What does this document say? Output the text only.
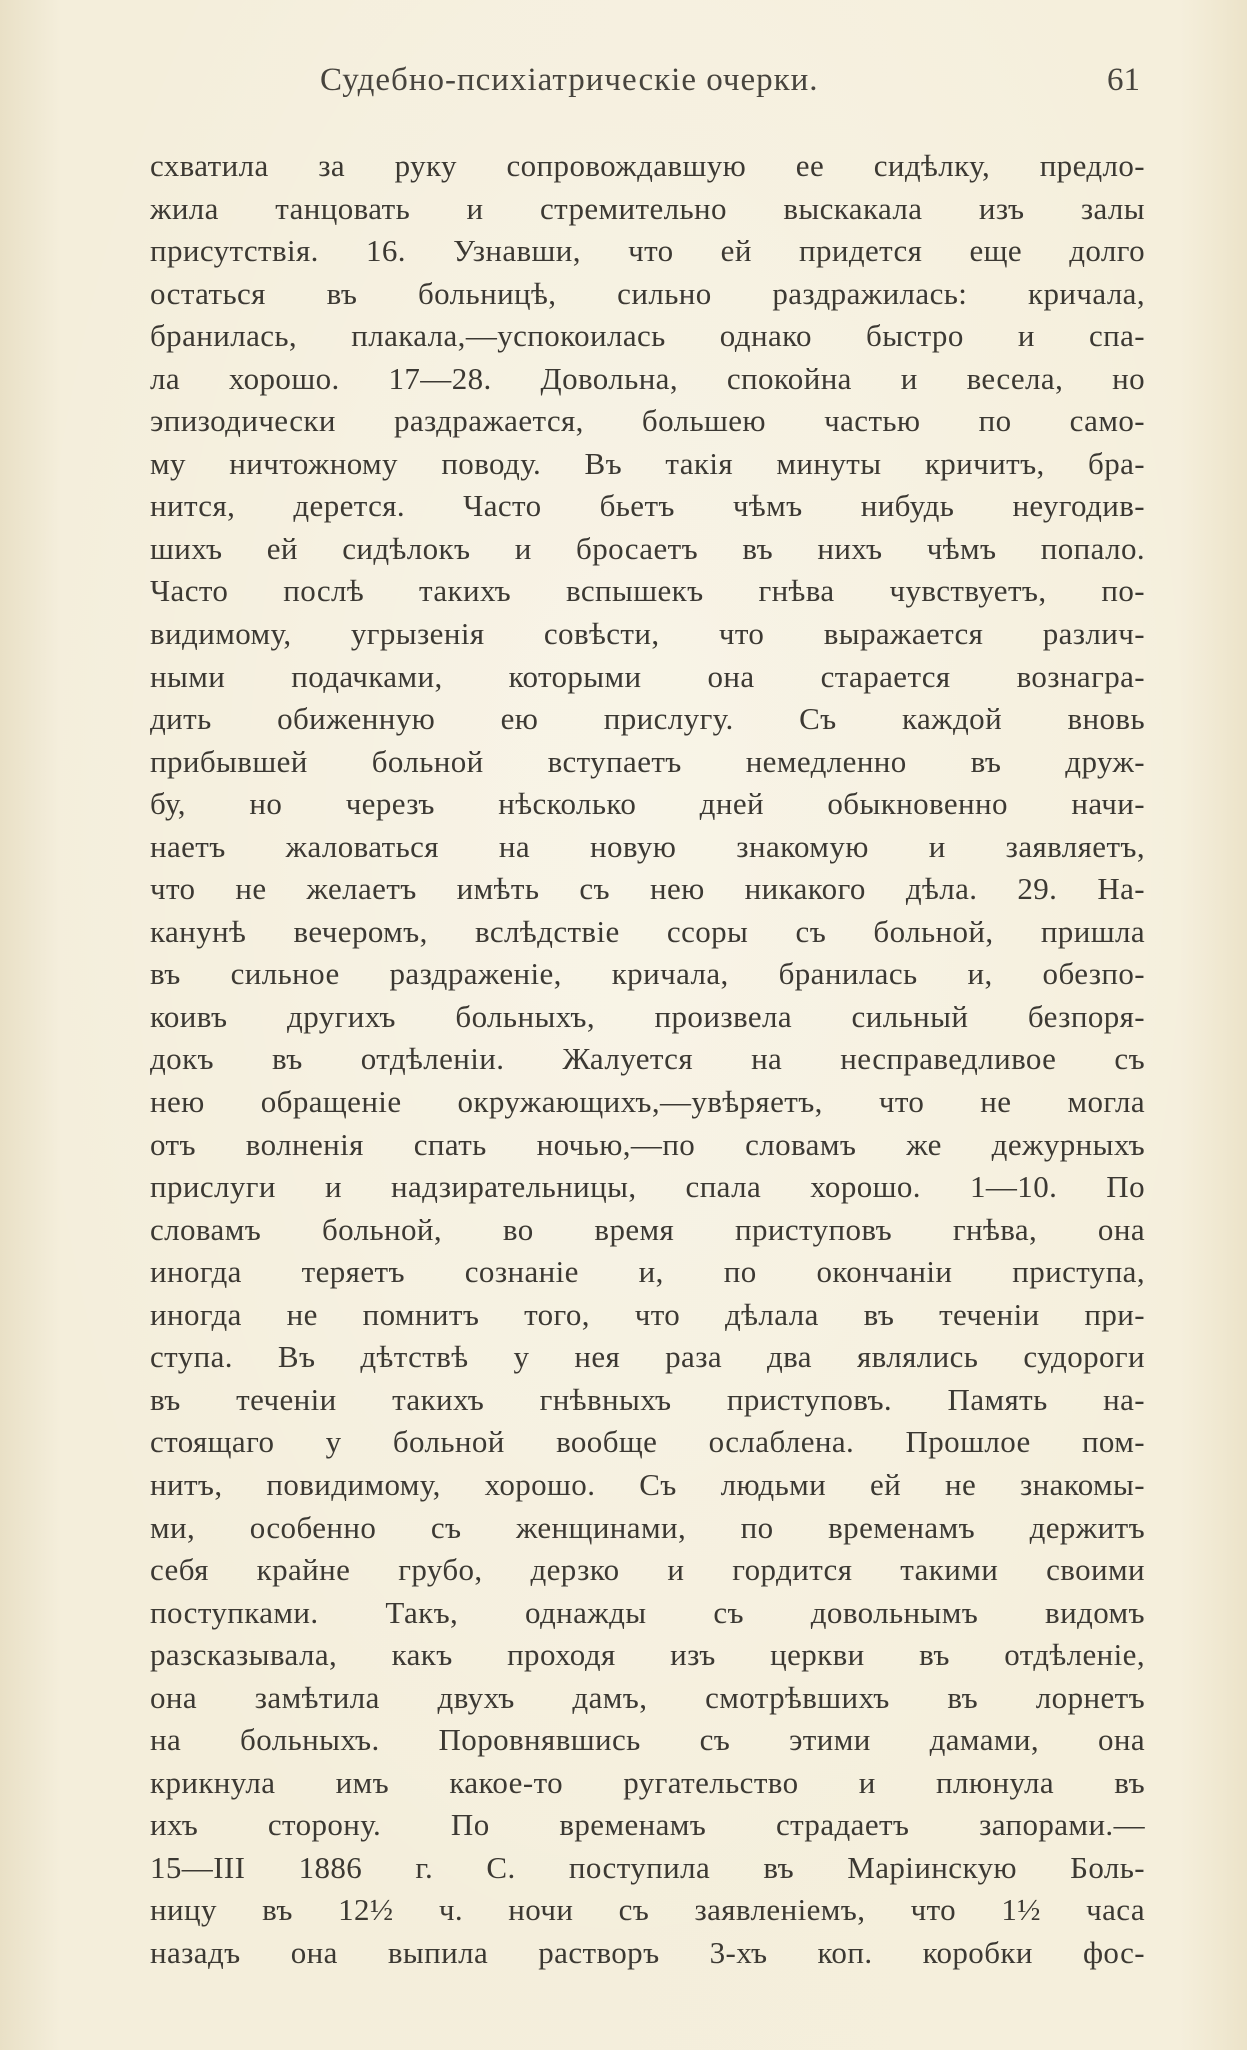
Судебно-психіатрическіе очерки.	61
схватила за руку сопровождавшую ее сидѣлку, предло-
жила танцовать и стремительно выскакала изъ залы
присутствія. 16. Узнавши, что ей придется еще долго
остаться въ больницѣ, сильно раздражилась: кричала,
бранилась, плакала,—успокоилась однако быстро и спа-
ла хорошо. 17—28. Довольна, спокойна и весела, но
эпизодически раздражается, большею частью по само-
му ничтожному поводу. Въ такія минуты кричитъ, бра-
нится, дерется. Часто бьетъ чѣмъ нибудь неугодив-
шихъ ей сидѣлокъ и бросаетъ въ нихъ чѣмъ попало.
Часто послѣ такихъ вспышекъ гнѣва чувствуетъ, по-
видимому, угрызенія совѣсти, что выражается различ-
ными подачками, которыми она старается вознагра-
дить обиженную ею прислугу. Съ каждой вновь
прибывшей больной вступаетъ немедленно въ друж-
бу, но черезъ нѣсколько дней обыкновенно начи-
наетъ жаловаться на новую знакомую и заявляетъ,
что не желаетъ имѣть съ нею никакого дѣла. 29. На-
канунѣ вечеромъ, вслѣдствіе ссоры съ больной, пришла
въ сильное раздраженіе, кричала, бранилась и, обезпо-
коивъ другихъ больныхъ, произвела сильный безпоря-
докъ въ отдѣленіи. Жалуется на несправедливое съ
нею обращеніе окружающихъ,—увѣряетъ, что не могла
отъ волненія спать ночью,—по словамъ же дежурныхъ
прислуги и надзирательницы, спала хорошо. 1—10. По
словамъ больной, во время приступовъ гнѣва, она
иногда теряетъ сознаніе и, по окончаніи приступа,
иногда не помнитъ того, что дѣлала въ теченіи при-
ступа. Въ дѣтствѣ у нея раза два являлись судороги
въ теченіи такихъ гнѣвныхъ приступовъ. Память на-
стоящаго у больной вообще ослаблена. Прошлое пом-
нитъ, повидимому, хорошо. Съ людьми ей не знакомы-
ми, особенно съ женщинами, по временамъ держитъ
себя крайне грубо, дерзко и гордится такими своими
поступками. Такъ, однажды съ довольнымъ видомъ
разсказывала, какъ проходя изъ церкви въ отдѣленіе,
она замѣтила двухъ дамъ, смотрѣвшихъ въ лорнетъ
на больныхъ. Поровнявшись съ этими дамами, она
крикнула имъ какое-то ругательство и плюнула въ
ихъ сторону. По временамъ страдаетъ запорами.—
15—III 1886 г. С. поступила въ Маріинскую Боль-
ницу въ 12½ ч. ночи съ заявленіемъ, что 1½ часа
назадъ она выпила растворъ 3-хъ коп. коробки фос-
